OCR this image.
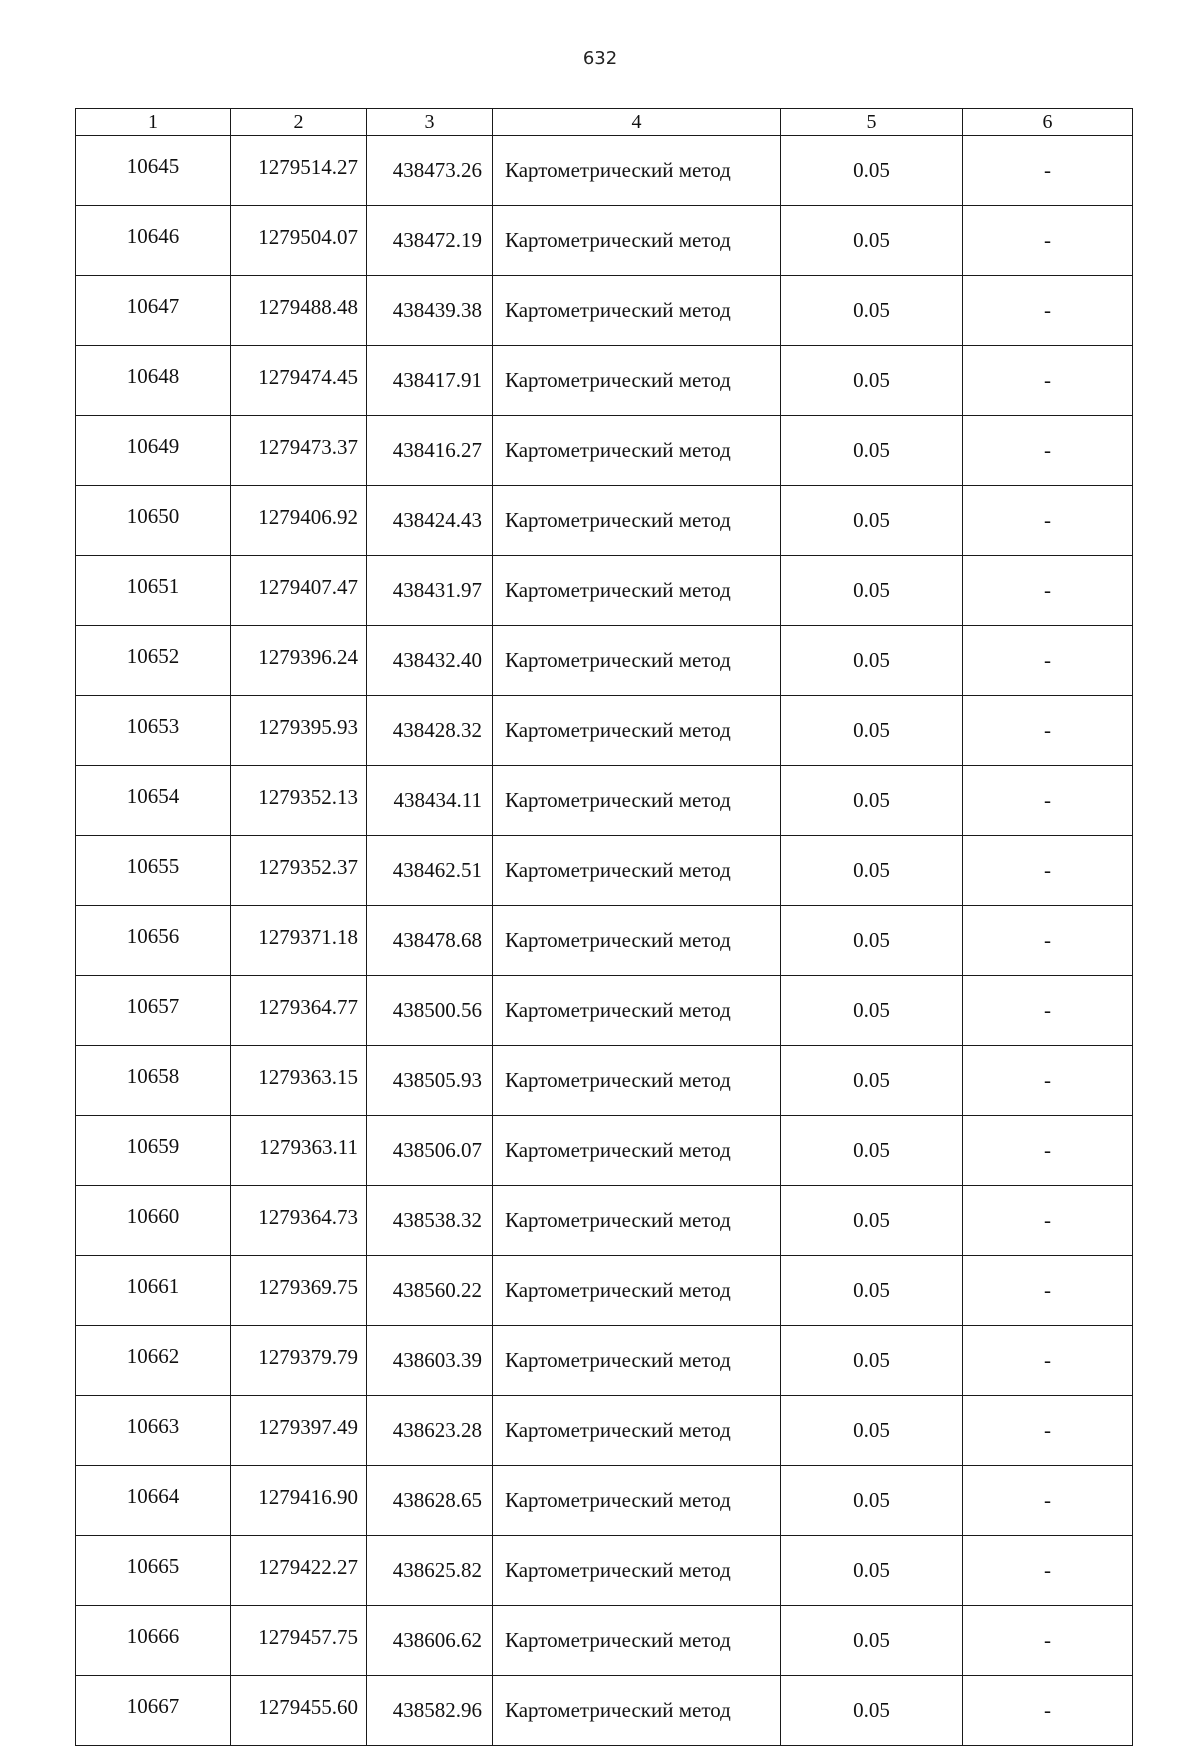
632
1	2	3	4	5	6
10645	1279514.27	438473.26	Картометрический метод	0.05	-
10646	1279504.07	438472.19	Картометрический метод	0.05	-
10647	1279488.48	438439.38	Картометрический метод	0.05	-
10648	1279474.45	438417.91	Картометрический метод	0.05	-
10649	1279473.37	438416.27	Картометрический метод	0.05	-
10650	1279406.92	438424.43	Картометрический метод	0.05	-
10651	1279407.47	438431.97	Картометрический метод	0.05	-
10652	1279396.24	438432.40	Картометрический метод	0.05	-
10653	1279395.93	438428.32	Картометрический метод	0.05	-
10654	1279352.13	438434.11	Картометрический метод	0.05	-
10655	1279352.37	438462.51	Картометрический метод	0.05	-
10656	1279371.18	438478.68	Картометрический метод	0.05	-
10657	1279364.77	438500.56	Картометрический метод	0.05	-
10658	1279363.15	438505.93	Картометрический метод	0.05	-
10659	1279363.11	438506.07	Картометрический метод	0.05	-
10660	1279364.73	438538.32	Картометрический метод	0.05	-
10661	1279369.75	438560.22	Картометрический метод	0.05	-
10662	1279379.79	438603.39	Картометрический метод	0.05	-
10663	1279397.49	438623.28	Картометрический метод	0.05	-
10664	1279416.90	438628.65	Картометрический метод	0.05	-
10665	1279422.27	438625.82	Картометрический метод	0.05	-
10666	1279457.75	438606.62	Картометрический метод	0.05	-
10667	1279455.60	438582.96	Картометрический метод	0.05	-
